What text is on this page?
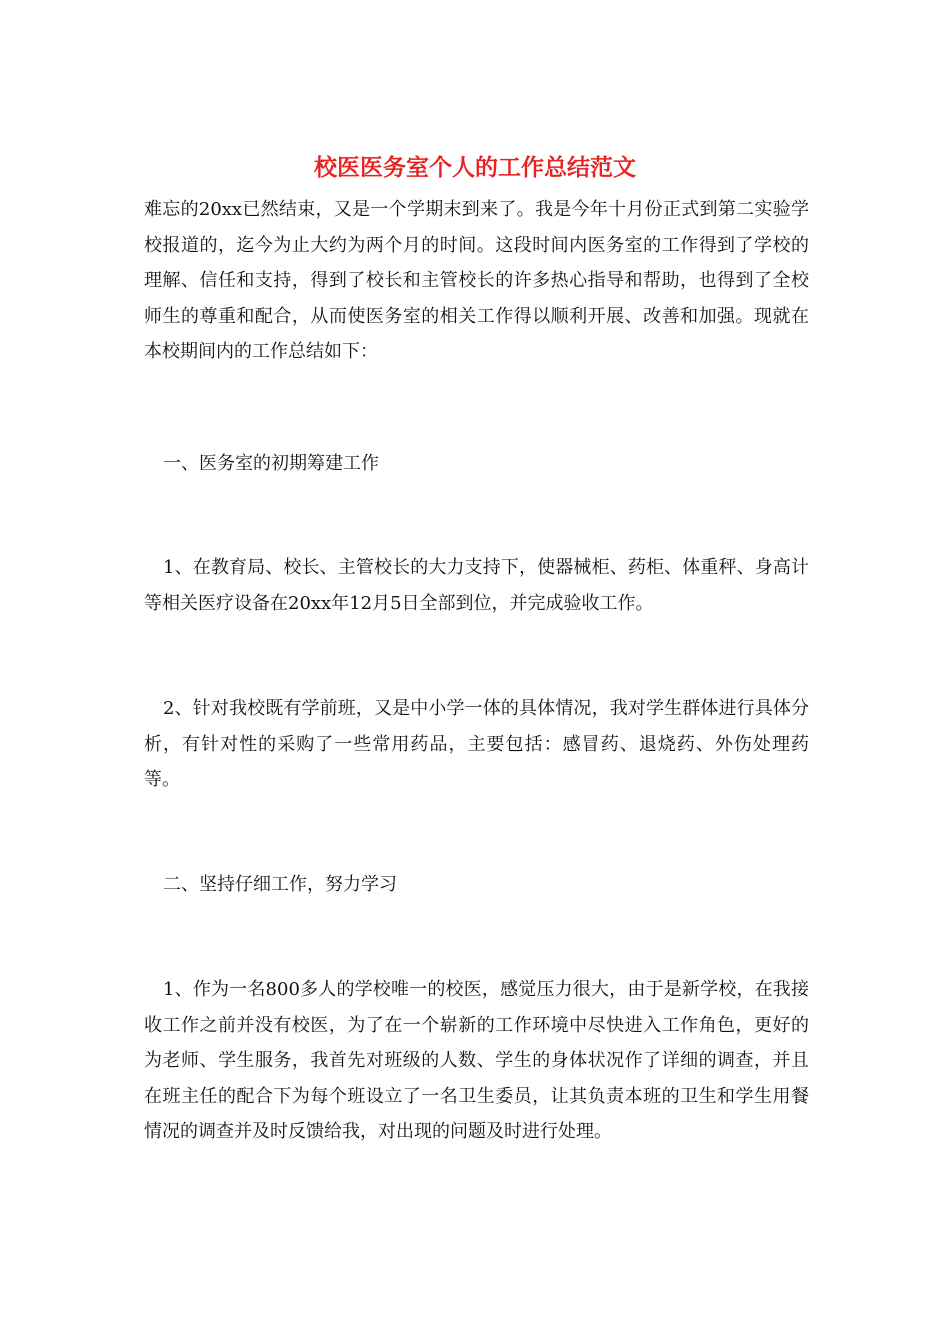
校医医务室个人的工作总结范文

难忘的20xx已然结束，又是一个学期末到来了。我是今年十月份正式到第二实验学校报道的，迄今为止大约为两个月的时间。这段时间内医务室的工作得到了学校的理解、信任和支持，得到了校长和主管校长的许多热心指导和帮助，也得到了全校师生的尊重和配合，从而使医务室的相关工作得以顺利开展、改善和加强。现就在本校期间内的工作总结如下：

一、医务室的初期筹建工作

1、在教育局、校长、主管校长的大力支持下，使器械柜、药柜、体重秤、身高计等相关医疗设备在20xx年12月5日全部到位，并完成验收工作。

2、针对我校既有学前班，又是中小学一体的具体情况，我对学生群体进行具体分析，有针对性的采购了一些常用药品，主要包括：感冒药、退烧药、外伤处理药等。

二、坚持仔细工作，努力学习

1、作为一名800多人的学校唯一的校医，感觉压力很大，由于是新学校，在我接收工作之前并没有校医，为了在一个崭新的工作环境中尽快进入工作角色，更好的为老师、学生服务，我首先对班级的人数、学生的身体状况作了详细的调查，并且在班主任的配合下为每个班设立了一名卫生委员，让其负责本班的卫生和学生用餐情况的调查并及时反馈给我，对出现的问题及时进行处理。
